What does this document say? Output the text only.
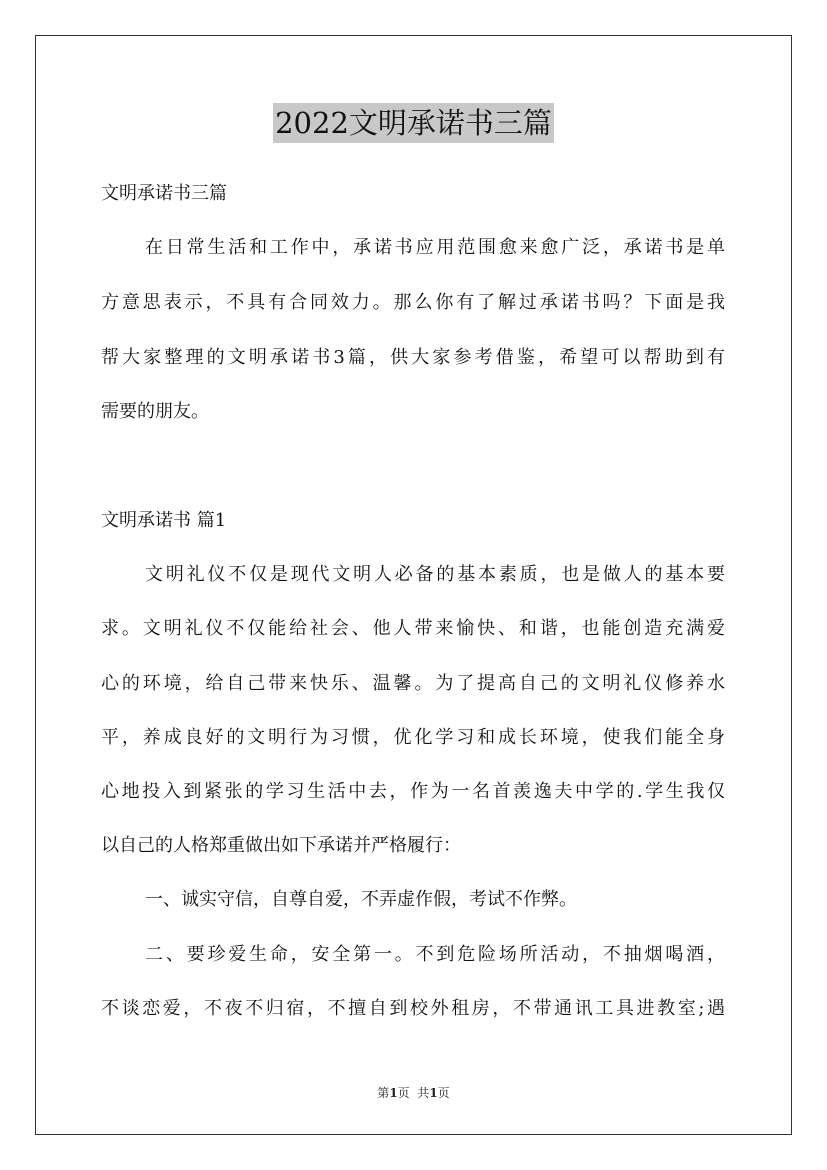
2022文明承诺书三篇
文明承诺书三篇
在日常生活和工作中，承诺书应用范围愈来愈广泛，承诺书是单
方意思表示，不具有合同效力。那么你有了解过承诺书吗？下面是我
帮大家整理的文明承诺书3篇，供大家参考借鉴，希望可以帮助到有
需要的朋友。
文明承诺书 篇1
文明礼仪不仅是现代文明人必备的基本素质，也是做人的基本要
求。文明礼仪不仅能给社会、他人带来愉快、和谐，也能创造充满爱
心的环境，给自己带来快乐、温馨。为了提高自己的文明礼仪修养水
平，养成良好的文明行为习惯，优化学习和成长环境，使我们能全身
心地投入到紧张的学习生活中去，作为一名首羡逸夫中学的.学生我仅
以自己的人格郑重做出如下承诺并严格履行：
一、诚实守信，自尊自爱，不弄虚作假，考试不作弊。
二、要珍爱生命，安全第一。不到危险场所活动，不抽烟喝酒，
不谈恋爱，不夜不归宿，不擅自到校外租房，不带通讯工具进教室;遇
第1页  共1页
